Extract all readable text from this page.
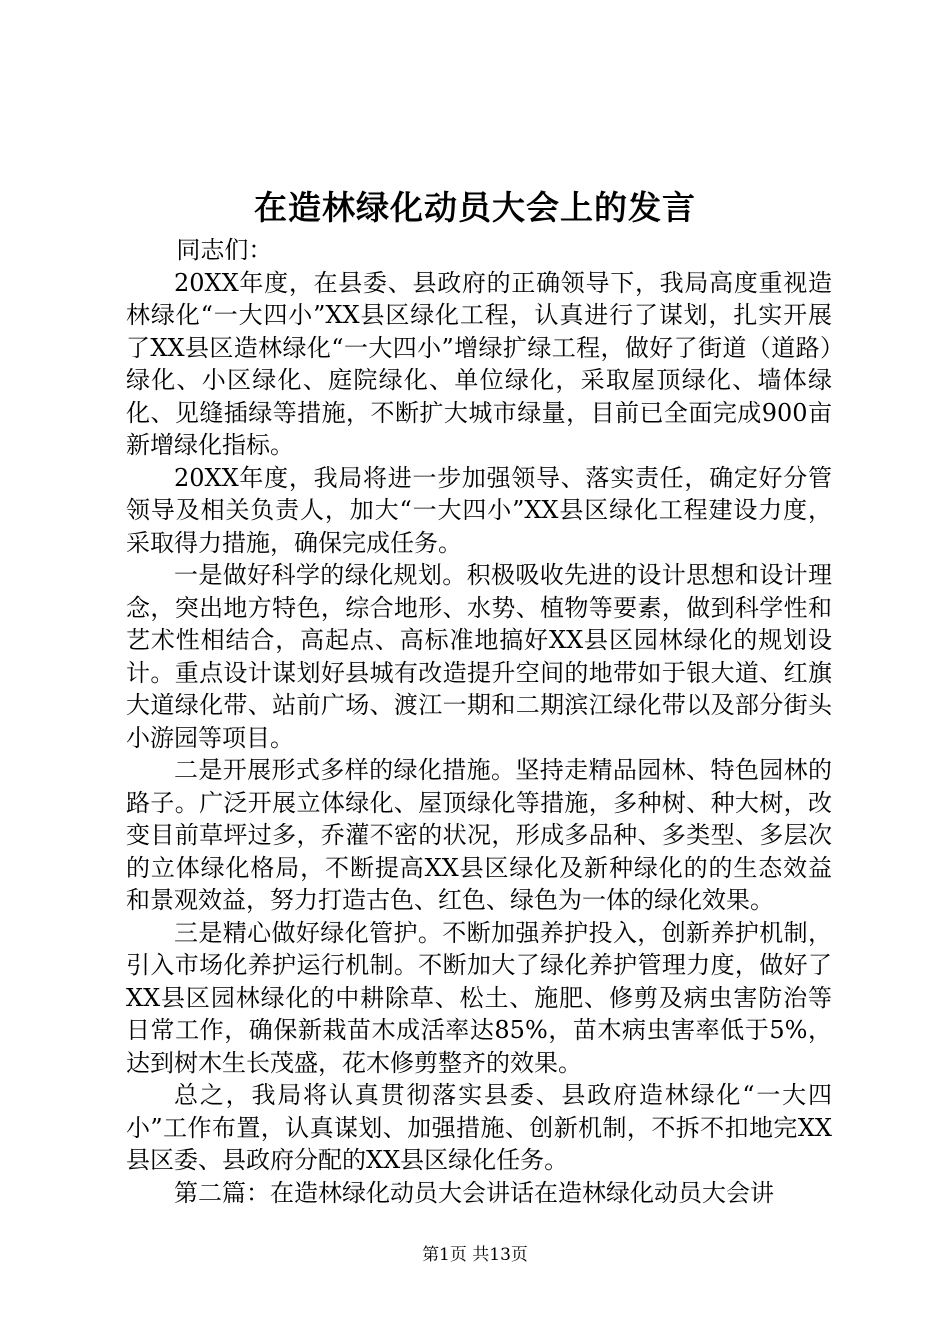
在造林绿化动员大会上的发言

同志们：

20XX年度，在县委、县政府的正确领导下，我局高度重视造林绿化“一大四小”XX县区绿化工程，认真进行了谋划，扎实开展了XX县区造林绿化“一大四小”增绿扩绿工程，做好了街道（道路）绿化、小区绿化、庭院绿化、单位绿化，采取屋顶绿化、墙体绿化、见缝插绿等措施，不断扩大城市绿量，目前已全面完成900亩新增绿化指标。

20XX年度，我局将进一步加强领导、落实责任，确定好分管领导及相关负责人，加大“一大四小”XX县区绿化工程建设力度，采取得力措施，确保完成任务。

一是做好科学的绿化规划。积极吸收先进的设计思想和设计理念，突出地方特色，综合地形、水势、植物等要素，做到科学性和艺术性相结合，高起点、高标准地搞好XX县区园林绿化的规划设计。重点设计谋划好县城有改造提升空间的地带如于银大道、红旗大道绿化带、站前广场、渡江一期和二期滨江绿化带以及部分街头小游园等项目。

二是开展形式多样的绿化措施。坚持走精品园林、特色园林的路子。广泛开展立体绿化、屋顶绿化等措施，多种树、种大树，改变目前草坪过多，乔灌不密的状况，形成多品种、多类型、多层次的立体绿化格局，不断提高XX县区绿化及新种绿化的的生态效益和景观效益，努力打造古色、红色、绿色为一体的绿化效果。

三是精心做好绿化管护。不断加强养护投入，创新养护机制，引入市场化养护运行机制。不断加大了绿化养护管理力度，做好了XX县区园林绿化的中耕除草、松土、施肥、修剪及病虫害防治等日常工作，确保新栽苗木成活率达85%，苗木病虫害率低于5%，达到树木生长茂盛，花木修剪整齐的效果。

总之，我局将认真贯彻落实县委、县政府造林绿化“一大四小”工作布置，认真谋划、加强措施、创新机制，不拆不扣地完XX县区委、县政府分配的XX县区绿化任务。

第二篇：在造林绿化动员大会讲话在造林绿化动员大会讲

第1页 共13页
